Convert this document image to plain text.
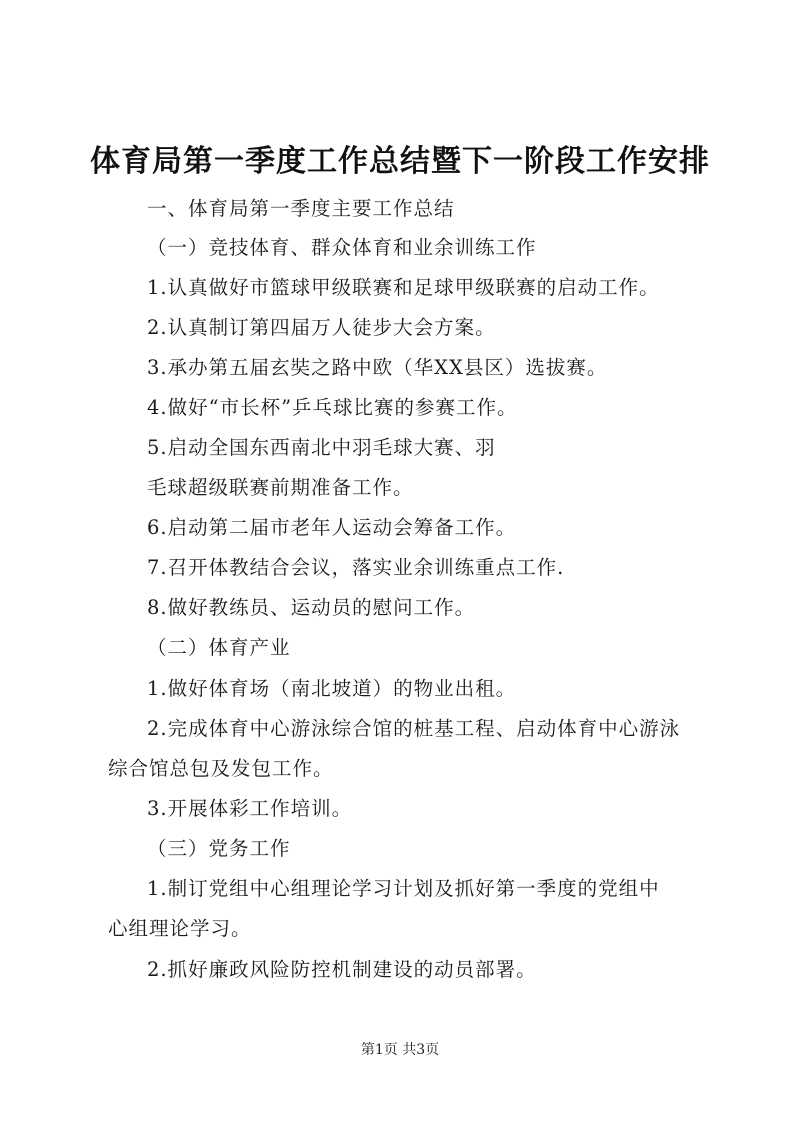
体育局第一季度工作总结暨下一阶段工作安排
一、体育局第一季度主要工作总结
（一）竞技体育、群众体育和业余训练工作
1.认真做好市篮球甲级联赛和足球甲级联赛的启动工作。
2.认真制订第四届万人徒步大会方案。
3.承办第五届玄奘之路中欧（华XX县区）选拔赛。
4.做好“市长杯”乒乓球比赛的参赛工作。
5.启动全国东西南北中羽毛球大赛、羽
毛球超级联赛前期准备工作。
6.启动第二届市老年人运动会筹备工作。
7.召开体教结合会议，落实业余训练重点工作.
8.做好教练员、运动员的慰问工作。
（二）体育产业
1.做好体育场（南北坡道）的物业出租。
2.完成体育中心游泳综合馆的桩基工程、启动体育中心游泳
综合馆总包及发包工作。
3.开展体彩工作培训。
（三）党务工作
1.制订党组中心组理论学习计划及抓好第一季度的党组中
心组理论学习。
2.抓好廉政风险防控机制建设的动员部署。
第1页 共3页
